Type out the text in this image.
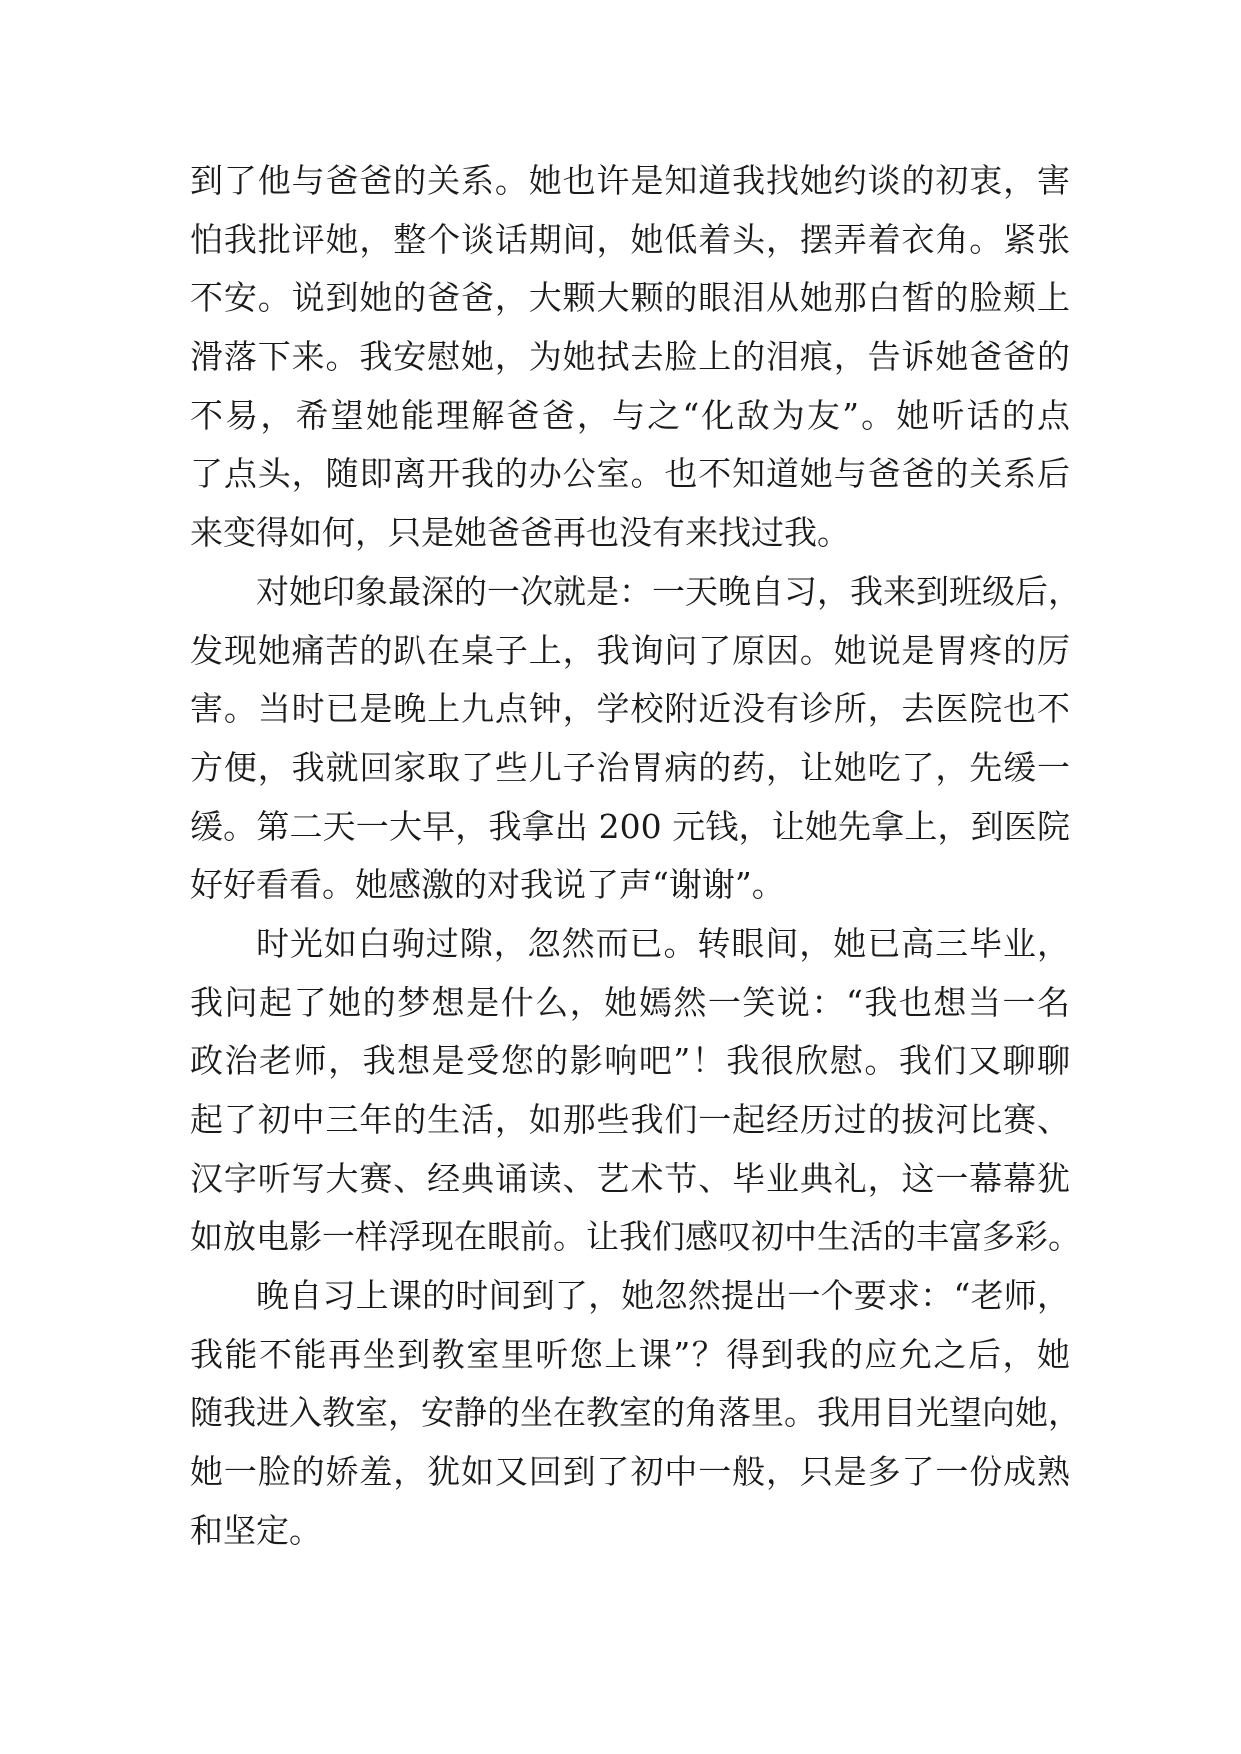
到了他与爸爸的关系。她也许是知道我找她约谈的初衷，害
怕我批评她，整个谈话期间，她低着头，摆弄着衣角。紧张
不安。说到她的爸爸，大颗大颗的眼泪从她那白皙的脸颊上
滑落下来。我安慰她，为她拭去脸上的泪痕，告诉她爸爸的
不易，希望她能理解爸爸，与之“化敌为友”。她听话的点
了点头，随即离开我的办公室。也不知道她与爸爸的关系后
来变得如何，只是她爸爸再也没有来找过我。
对她印象最深的一次就是：一天晚自习，我来到班级后，
发现她痛苦的趴在桌子上，我询问了原因。她说是胃疼的厉
害。当时已是晚上九点钟，学校附近没有诊所，去医院也不
方便，我就回家取了些儿子治胃病的药，让她吃了，先缓一
缓。第二天一大早，我拿出 200 元钱，让她先拿上，到医院
好好看看。她感激的对我说了声“谢谢”。
时光如白驹过隙，忽然而已。转眼间，她已高三毕业，
我问起了她的梦想是什么，她嫣然一笑说：“我也想当一名
政治老师，我想是受您的影响吧”！我很欣慰。我们又聊聊
起了初中三年的生活，如那些我们一起经历过的拔河比赛、
汉字听写大赛、经典诵读、艺术节、毕业典礼，这一幕幕犹
如放电影一样浮现在眼前。让我们感叹初中生活的丰富多彩。
晚自习上课的时间到了，她忽然提出一个要求：“老师，
我能不能再坐到教室里听您上课”？得到我的应允之后，她
随我进入教室，安静的坐在教室的角落里。我用目光望向她，
她一脸的娇羞，犹如又回到了初中一般，只是多了一份成熟
和坚定。
